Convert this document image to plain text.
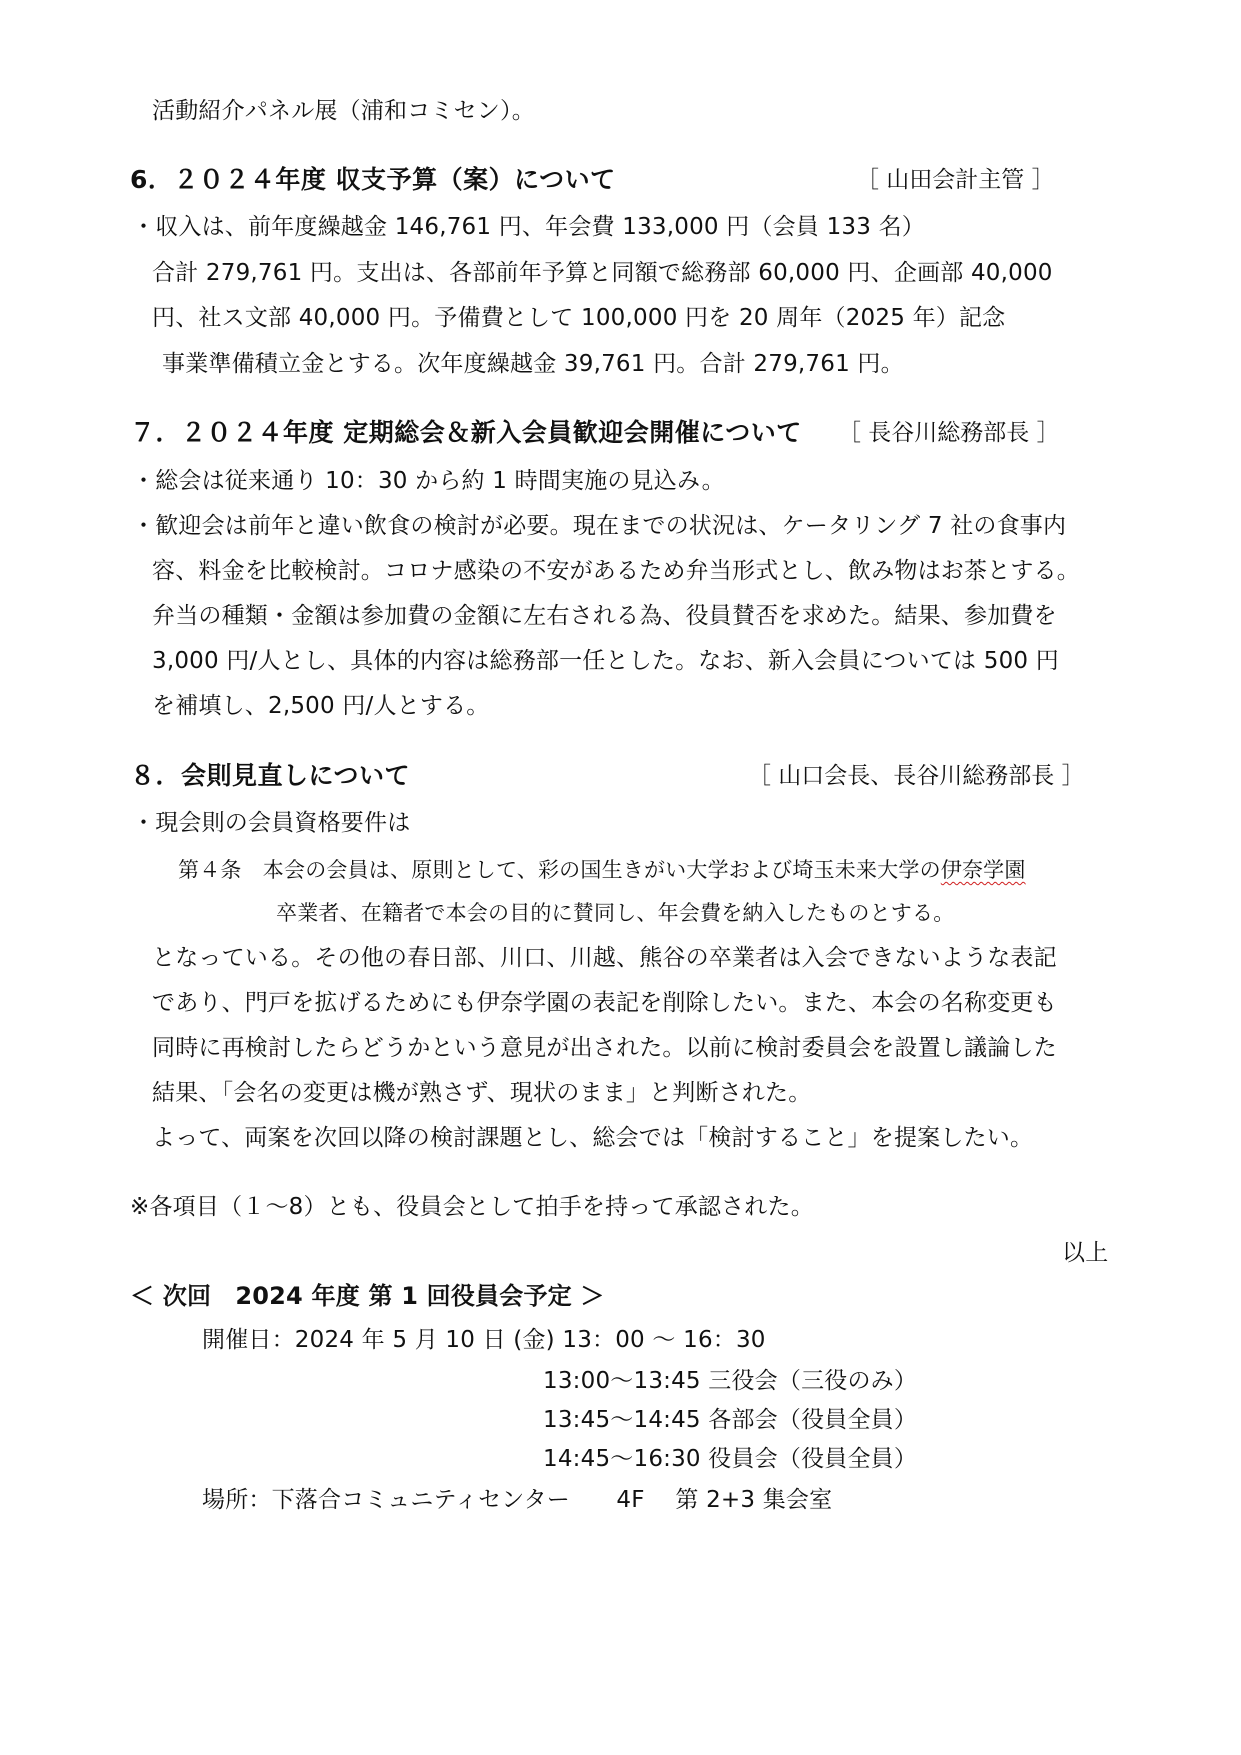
活動紹介パネル展（浦和コミセン）。
6．２０２４年度 収支予算（案）について	［ 山田会計主管 ］
・収入は、前年度繰越金 146,761 円、年会費 133,000 円（会員 133 名）
合計 279,761 円。支出は、各部前年予算と同額で総務部 60,000 円、企画部 40,000
円、社ス文部 40,000 円。予備費として 100,000 円を 20 周年（2025 年）記念
事業準備積立金とする。次年度繰越金 39,761 円。合計 279,761 円。
７．２０２４年度 定期総会＆新入会員歓迎会開催について ［ 長谷川総務部長 ］
・総会は従来通り 10：30 から約 1 時間実施の見込み。
・歓迎会は前年と違い飲食の検討が必要。現在までの状況は、ケータリング 7 社の食事内
容、料金を比較検討。コロナ感染の不安があるため弁当形式とし、飲み物はお茶とする。
弁当の種類・金額は参加費の金額に左右される為、役員賛否を求めた。結果、参加費を
3,000 円/人とし、具体的内容は総務部一任とした。なお、新入会員については 500 円
を補填し、2,500 円/人とする。
８．会則見直しについて	［ 山口会長、長谷川総務部長 ］
・現会則の会員資格要件は
第４条　本会の会員は、原則として、彩の国生きがい大学および埼玉未来大学の伊奈学園
卒業者、在籍者で本会の目的に賛同し、年会費を納入したものとする。
となっている。その他の春日部、川口、川越、熊谷の卒業者は入会できないような表記
であり、門戸を拡げるためにも伊奈学園の表記を削除したい。また、本会の名称変更も
同時に再検討したらどうかという意見が出された。以前に検討委員会を設置し議論した
結果、「会名の変更は機が熟さず、現状のまま」と判断された。
よって、両案を次回以降の検討課題とし、総会では「検討すること」を提案したい。
※各項目（１～8）とも、役員会として拍手を持って承認された。
以上
＜ 次回　2024 年度 第 1 回役員会予定 ＞
開催日：2024 年 5 月 10 日 (金) 13：00 ～ 16：30
13:00～13:45 三役会（三役のみ）
13:45～14:45 各部会（役員全員）
14:45～16:30 役員会（役員全員）
場所：下落合コミュニティセンター　　4F　 第 2+3 集会室
